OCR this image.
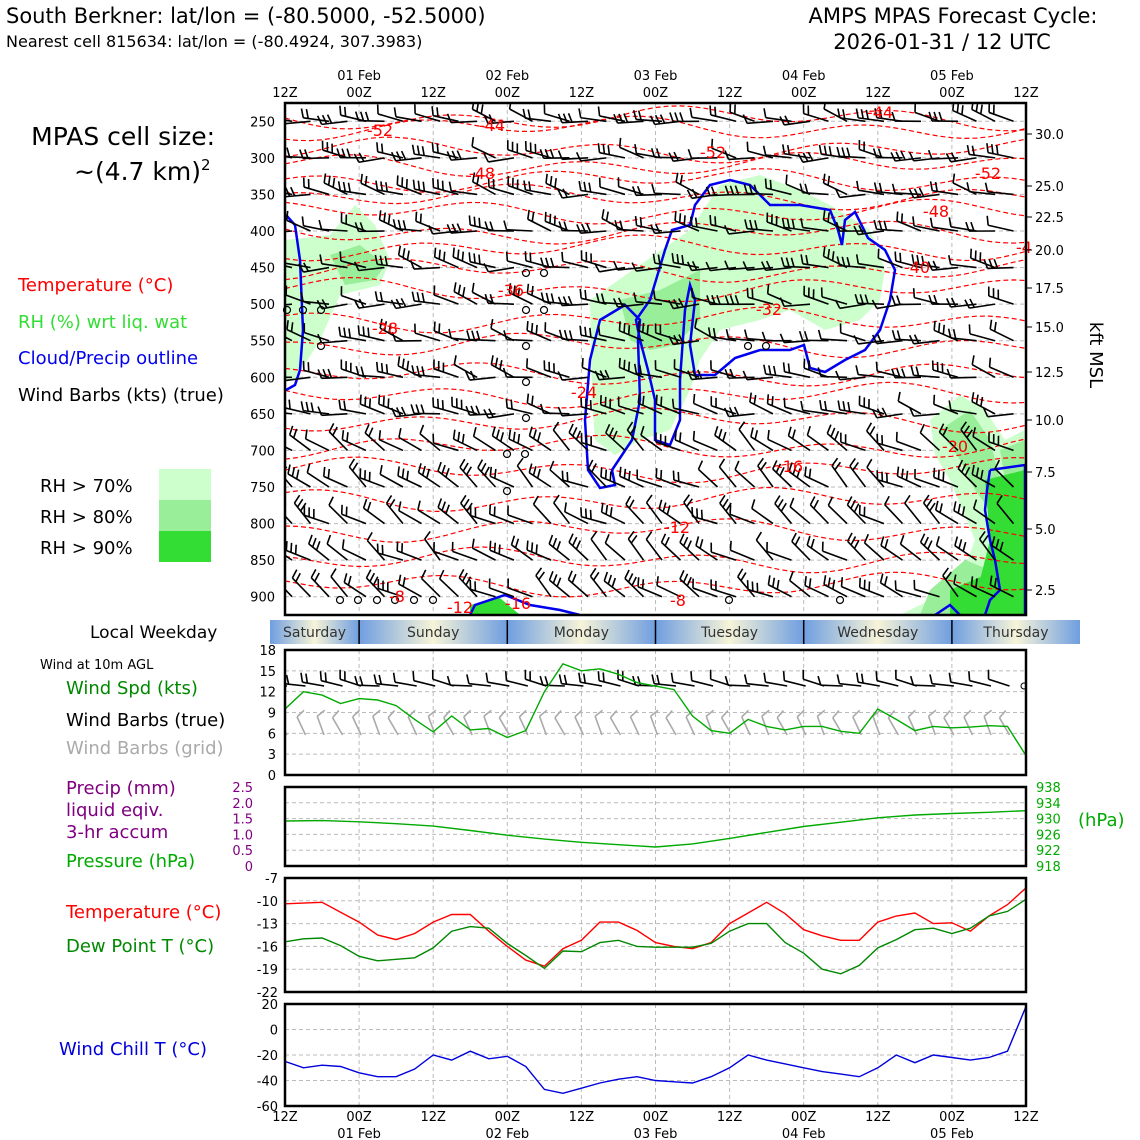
South Berkner: lat/lon = (-80.5000, -52.5000)
Nearest cell 815634: lat/lon = (-80.4924, 307.3983)
AMPS MPAS Forecast Cycle:
2026-01-31 / 12 UTC
MPAS cell size:
~(4.7 km)$^2$
Temperature (°C)
RH (%) wrt liq. wat
Cloud/Precip outline
Wind Barbs (kts) (true)
RH > 70%
RH > 80%
RH > 90%
Local Weekday
Wind at 10m AGL
Wind Spd (kts)
Wind Barbs (true)
Wind Barbs (grid)
Precip (mm)
liquid eqiv.
3-hr accum
Pressure (hPa)
Temperature (°C)
Dew Point T (°C)
Wind Chill T (°C)
-52	-44
-48
-52
-44
-52
-48
-40
-36
-32
-28
-24
-20
-16
-12
-8
-16
-12
-8
-4
250
300
350
400
450
500
550
600
650
700
750
800
850
900
12Z	00Z	12Z	00Z	12Z	00Z	12Z	00Z	12Z	00Z	12Z
01 Feb	02 Feb	03 Feb	04 Feb	05 Feb
30.0
25.0
22.5
20.0
17.5
15.0
12.5
10.0
7.5
5.0
2.5
kft MSL
Saturday	Sunday	Monday	Tuesday	Wednesday	Thursday
18
15
12
9
6
3
0
2.5
2.0
1.5
1.0
0.5
0
938
934
930
926
922
918
(hPa)
-7
-10
-13
-16
-19
-22
20
0
-20
-40
-60
12Z	00Z	12Z	00Z	12Z	00Z	12Z	00Z	12Z	00Z	12Z
01 Feb	02 Feb	03 Feb	04 Feb	05 Feb
